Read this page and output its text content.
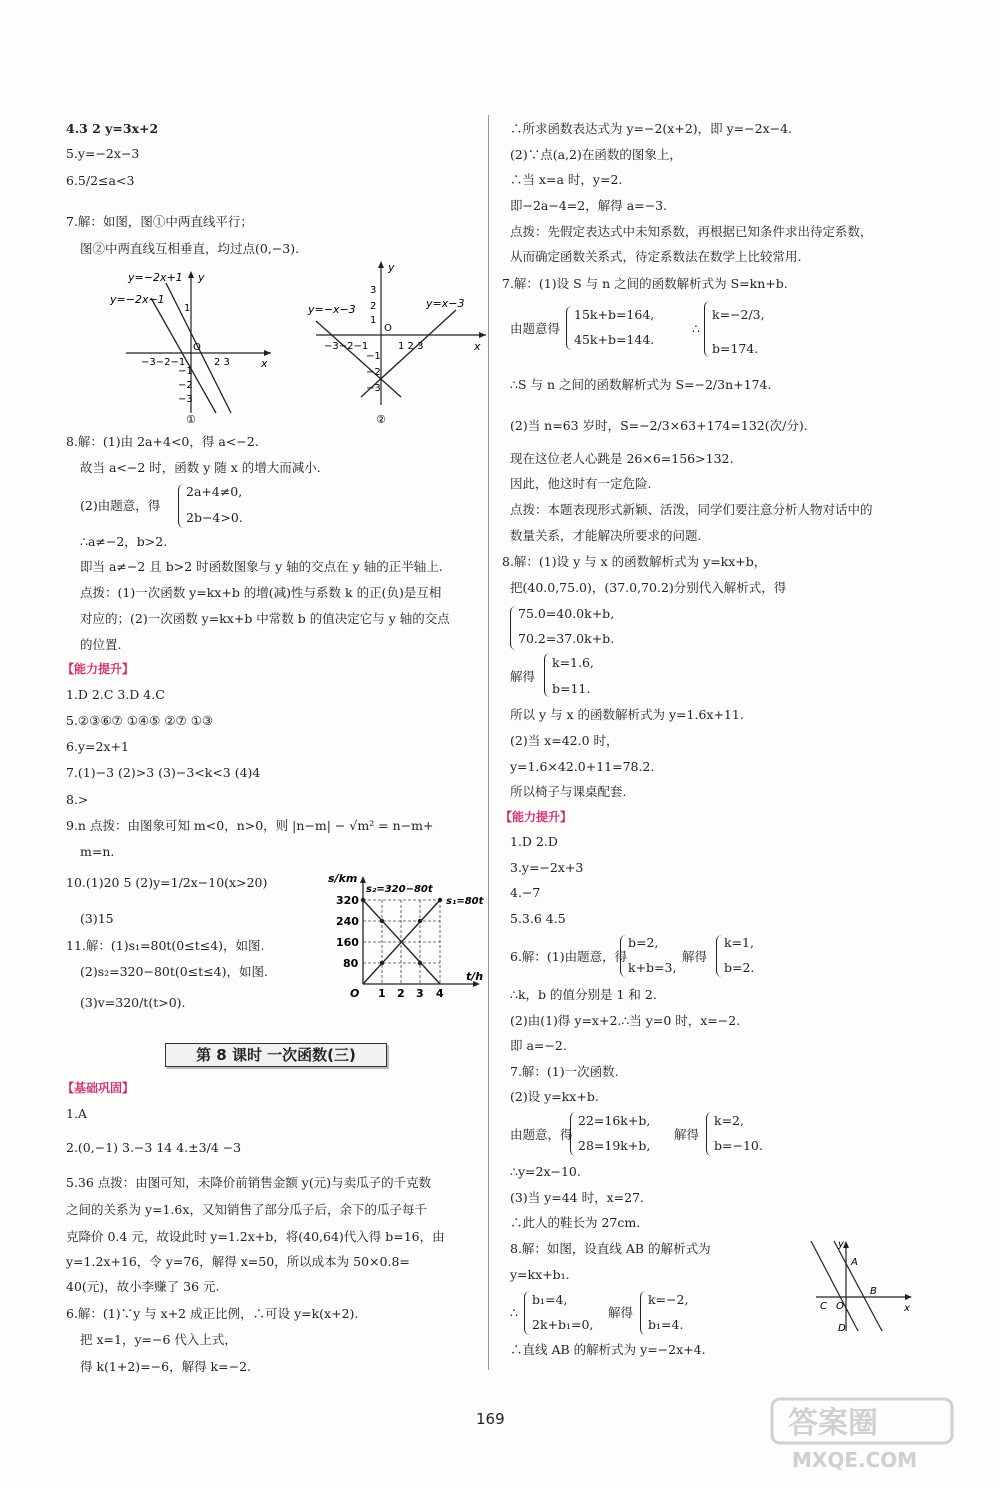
4.3 2 y=3x+2
5.y=−2x−3
6.5/2≤a<3
7.解：如图，图①中两直线平行；
图②中两直线互相垂直，均过点(0,−3).
y
x
O
−3−2−1	2 3
−1
−2
−3
1
①
y=−2x+1
y=−2x−1
y
x
O
−3−2−1	1 2 3
3
2
1
−1
−2
−3
②
y=−x−3	y=x−3
8.解：(1)由 2a+4<0，得 a<−2.
故当 a<−2 时，函数 y 随 x 的增大而减小.
(2)由题意，得
2a+4≠0,
2b−4>0.
∴a≠−2，b>2.
即当 a≠−2 且 b>2 时函数图象与 y 轴的交点在 y 轴的正半轴上.
点拨：(1)一次函数 y=kx+b 的增(减)性与系数 k 的正(负)是互相
对应的；(2)一次函数 y=kx+b 中常数 b 的值决定它与 y 轴的交点
的位置.
【能力提升】
1.D 2.C 3.D 4.C
5.②③⑥⑦ ①④⑤ ②⑦ ①③
6.y=2x+1
7.(1)−3 (2)>3 (3)−3<k<3 (4)4
8.>
9.n 点拨：由图象可知 m<0，n>0，则 |n−m| − √m² = n−m+
m=n.
10.(1)20 5 (2)y=1/2x−10(x>20)
(3)15
11.解：(1)s₁=80t(0≤t≤4)，如图.
(2)s₂=320−80t(0≤t≤4)，如图.
(3)v=320/t(t>0).
s/km
s₂=320−80t
s₁=80t
t/h
320
240
160
80
O 1 2 3 4
【基础巩固】
1.A
2.(0,−1) 3.−3 14 4.±3/4 −3
5.36 点拨：由图可知，未降价前销售金额 y(元)与卖瓜子的千克数
之间的关系为 y=1.6x，又知销售了部分瓜子后，余下的瓜子每千
克降价 0.4 元，故设此时 y=1.2x+b，将(40,64)代入得 b=16，由
y=1.2x+16，令 y=76，解得 x=50，所以成本为 50×0.8=
40(元)，故小李赚了 36 元.
6.解：(1)∵y 与 x+2 成正比例，∴可设 y=k(x+2).
把 x=1，y=−6 代入上式，
得 k(1+2)=−6，解得 k=−2.
第 8 课时 一次函数(三)
∴所求函数表达式为 y=−2(x+2)，即 y=−2x−4.
(2)∵点(a,2)在函数的图象上，
∴当 x=a 时，y=2.
即−2a−4=2，解得 a=−3.
点拨：先假定表达式中未知系数，再根据已知条件求出待定系数，
从而确定函数关系式，待定系数法在数学上比较常用.
7.解：(1)设 S 与 n 之间的函数解析式为 S=kn+b.
由题意得
15k+b=164,
45k+b=144.
∴
k=−2/3,
b=174.
∴S 与 n 之间的函数解析式为 S=−2/3n+174.
(2)当 n=63 岁时，S=−2/3×63+174=132(次/分).
现在这位老人心跳是 26×6=156>132.
因此，他这时有一定危险.
点拨：本题表现形式新颖、活泼，同学们要注意分析人物对话中的
数量关系，才能解决所要求的问题.
8.解：(1)设 y 与 x 的函数解析式为 y=kx+b，
把(40.0,75.0)，(37.0,70.2)分别代入解析式，得
75.0=40.0k+b,
70.2=37.0k+b.
解得
k=1.6,
b=11.
所以 y 与 x 的函数解析式为 y=1.6x+11.
(2)当 x=42.0 时，
y=1.6×42.0+11=78.2.
所以椅子与课桌配套.
【能力提升】
1.D 2.D
3.y=−2x+3
4.−7
5.3.6 4.5
6.解：(1)由题意，得
b=2,
k+b=3,
解得
k=1,
b=2.
∴k，b 的值分别是 1 和 2.
(2)由(1)得 y=x+2.∴当 y=0 时，x=−2.
即 a=−2.
7.解：(1)一次函数.
(2)设 y=kx+b.
由题意，得
22=16k+b,
28=19k+b,
解得
k=2,
b=−10.
∴y=2x−10.
(3)当 y=44 时，x=27.
∴此人的鞋长为 27cm.
8.解：如图，设直线 AB 的解析式为
y=kx+b₁.
∴
b₁=4,
2k+b₁=0,
解得
k=−2,
b₁=4.
∴直线 AB 的解析式为 y=−2x+4.
y
x
A
B
C O
D
169	答案圈
MXQE.COM
